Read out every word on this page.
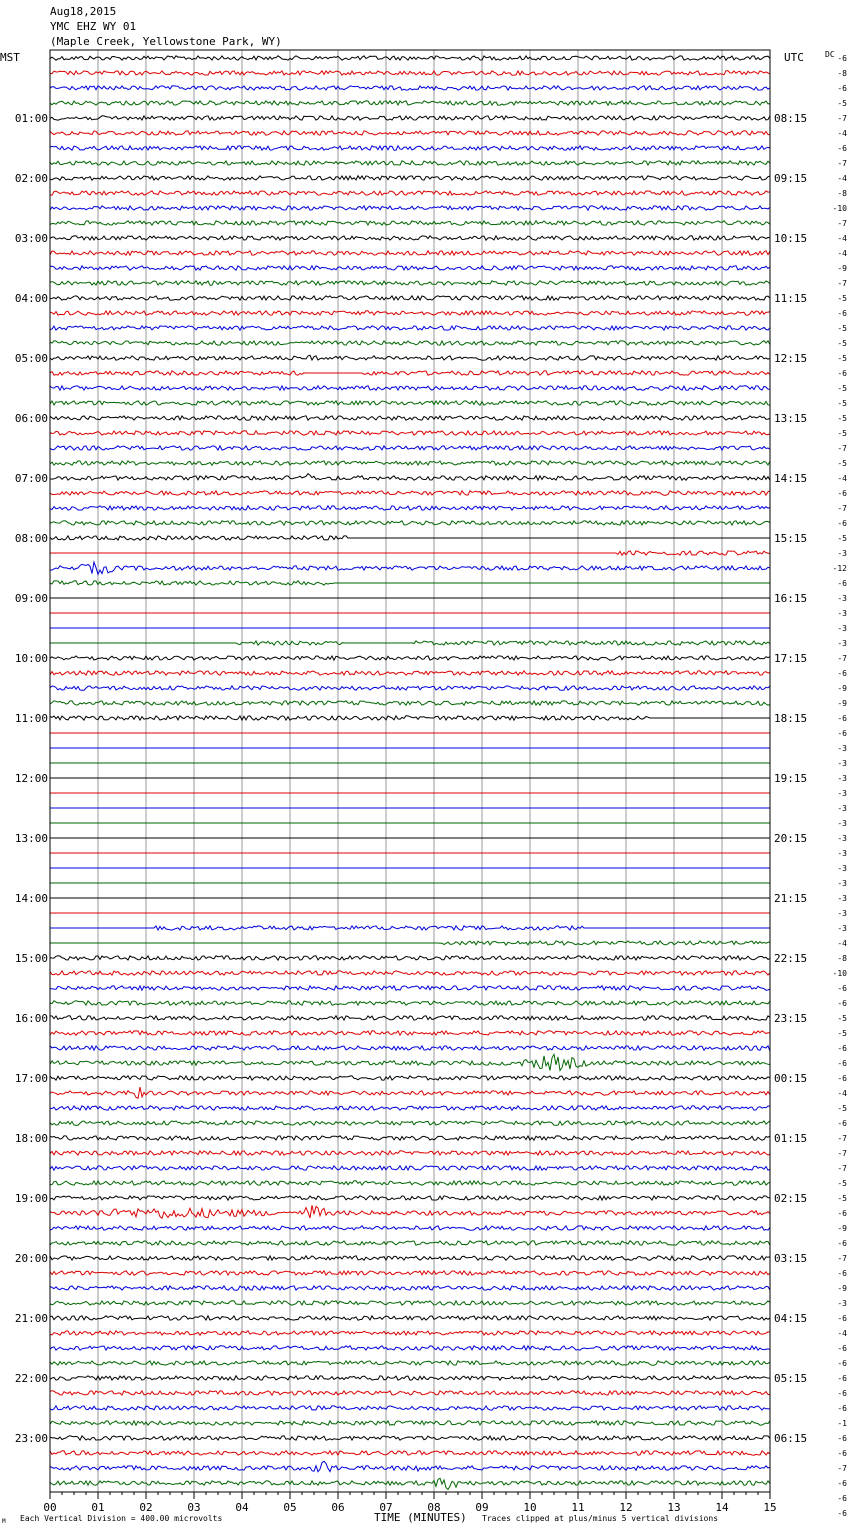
Aug18,2015
YMC EHZ WY 01
(Maple Creek, Yellowstone Park, WY)
MST	UTC	DC
00	01	02	03	04	05	06	07	08	09	10	11	12	13	14	15
01:00
02:00
03:00
04:00
05:00
06:00
07:00
08:00
09:00
10:00
11:00
12:00
13:00
14:00
15:00
16:00
17:00
18:00
19:00
20:00
21:00
22:00
23:00
08:15
09:15
10:15
11:15
12:15
13:15
14:15
15:15
16:15
17:15
18:15
19:15
20:15
21:15
22:15
23:15
00:15
01:15
02:15
03:15
04:15
05:15
06:15
-6
-8
-6
-5
-7
-4
-6
-7
-4
-8
-10
-7
-4
-4
-9
-7
-5
-6
-5
-5
-5
-6
-5
-5
-5
-5
-7
-5
-4
-6
-7
-6
-5
-3
-12
-6
-3
-3
-3
-3
-7
-6
-9
-9
-6
-6
-3
-3
-3
-3
-3
-3
-3
-3
-3
-3
-3
-3
-3
-4
-8
-10
-6
-6
-5
-5
-6
-6
-6
-4
-5
-6
-7
-7
-7
-5
-5
-6
-9
-6
-7
-6
-9
-3
-6
-4
-6
-6
-6
-6
-6
-1
-6
-6
-7
-6
-6
-6
M Each Vertical Division = 400.00 microvolts	TIME (MINUTES) Traces clipped at plus/minus 5 vertical divisions
